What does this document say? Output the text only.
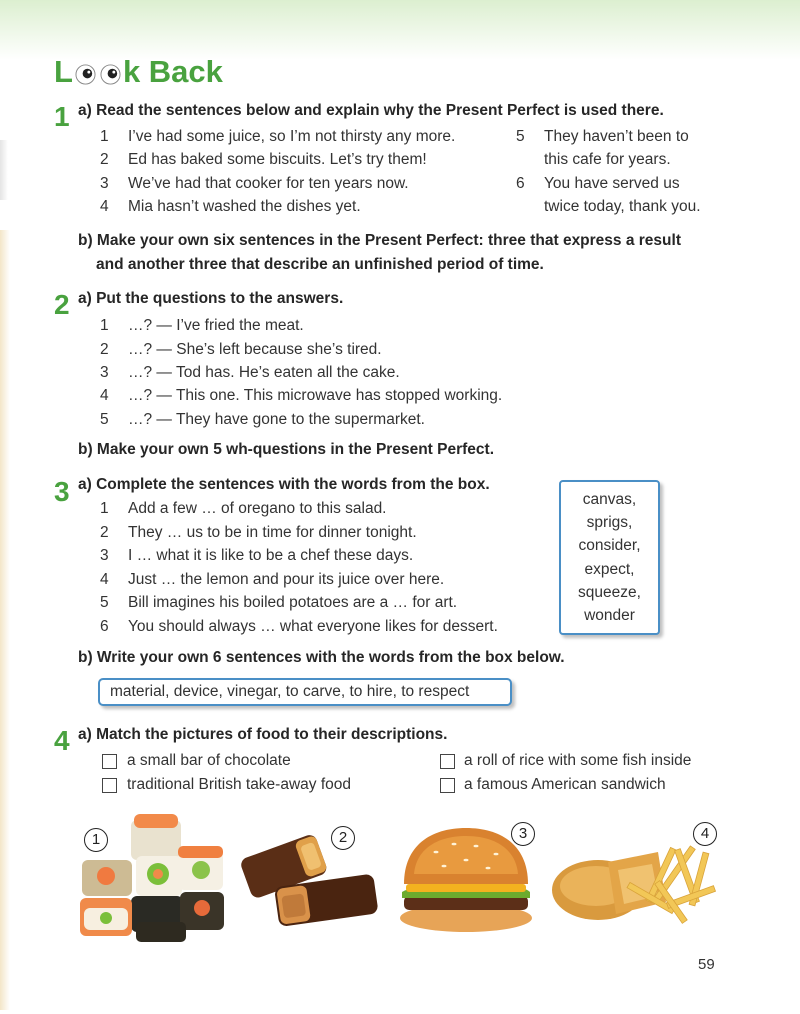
L k Back
1 a) Read the sentences below and explain why the Present Perfect is used there.
1 I’ve had some juice, so I’m not thirsty any more.
2 Ed has baked some biscuits. Let’s try them!
3 We’ve had that cooker for ten years now.
4 Mia hasn’t washed the dishes yet.
5 They haven’t been to
this cafe for years.
6 You have served us
twice today, thank you.
b) Make your own six sentences in the Present Perfect: three that express a result
and another three that describe an unfinished period of time.
2 a) Put the questions to the answers.
1 …? — I’ve fried the meat.
2 …? — She’s left because she’s tired.
3 …? — Tod has. He’s eaten all the cake.
4 …? — This one. This microwave has stopped working.
5 …? — They have gone to the supermarket.
b) Make your own 5 wh-questions in the Present Perfect.
3 a) Complete the sentences with the words from the box.
1 Add a few … of oregano to this salad.
2 They … us to be in time for dinner tonight.
3 I … what it is like to be a chef these days.
4 Just … the lemon and pour its juice over here.
5 Bill imagines his boiled potatoes are a … for art.
6 You should always … what everyone likes for dessert.
canvas,
sprigs,
consider,
expect,
squeeze,
wonder
b) Write your own 6 sentences with the words from the box below.
material, device, vinegar, to carve, to hire, to respect
4 a) Match the pictures of food to their descriptions.
a small bar of chocolate
traditional British take-away food
a roll of rice with some fish inside
a famous American sandwich
1	2	3	4
59
